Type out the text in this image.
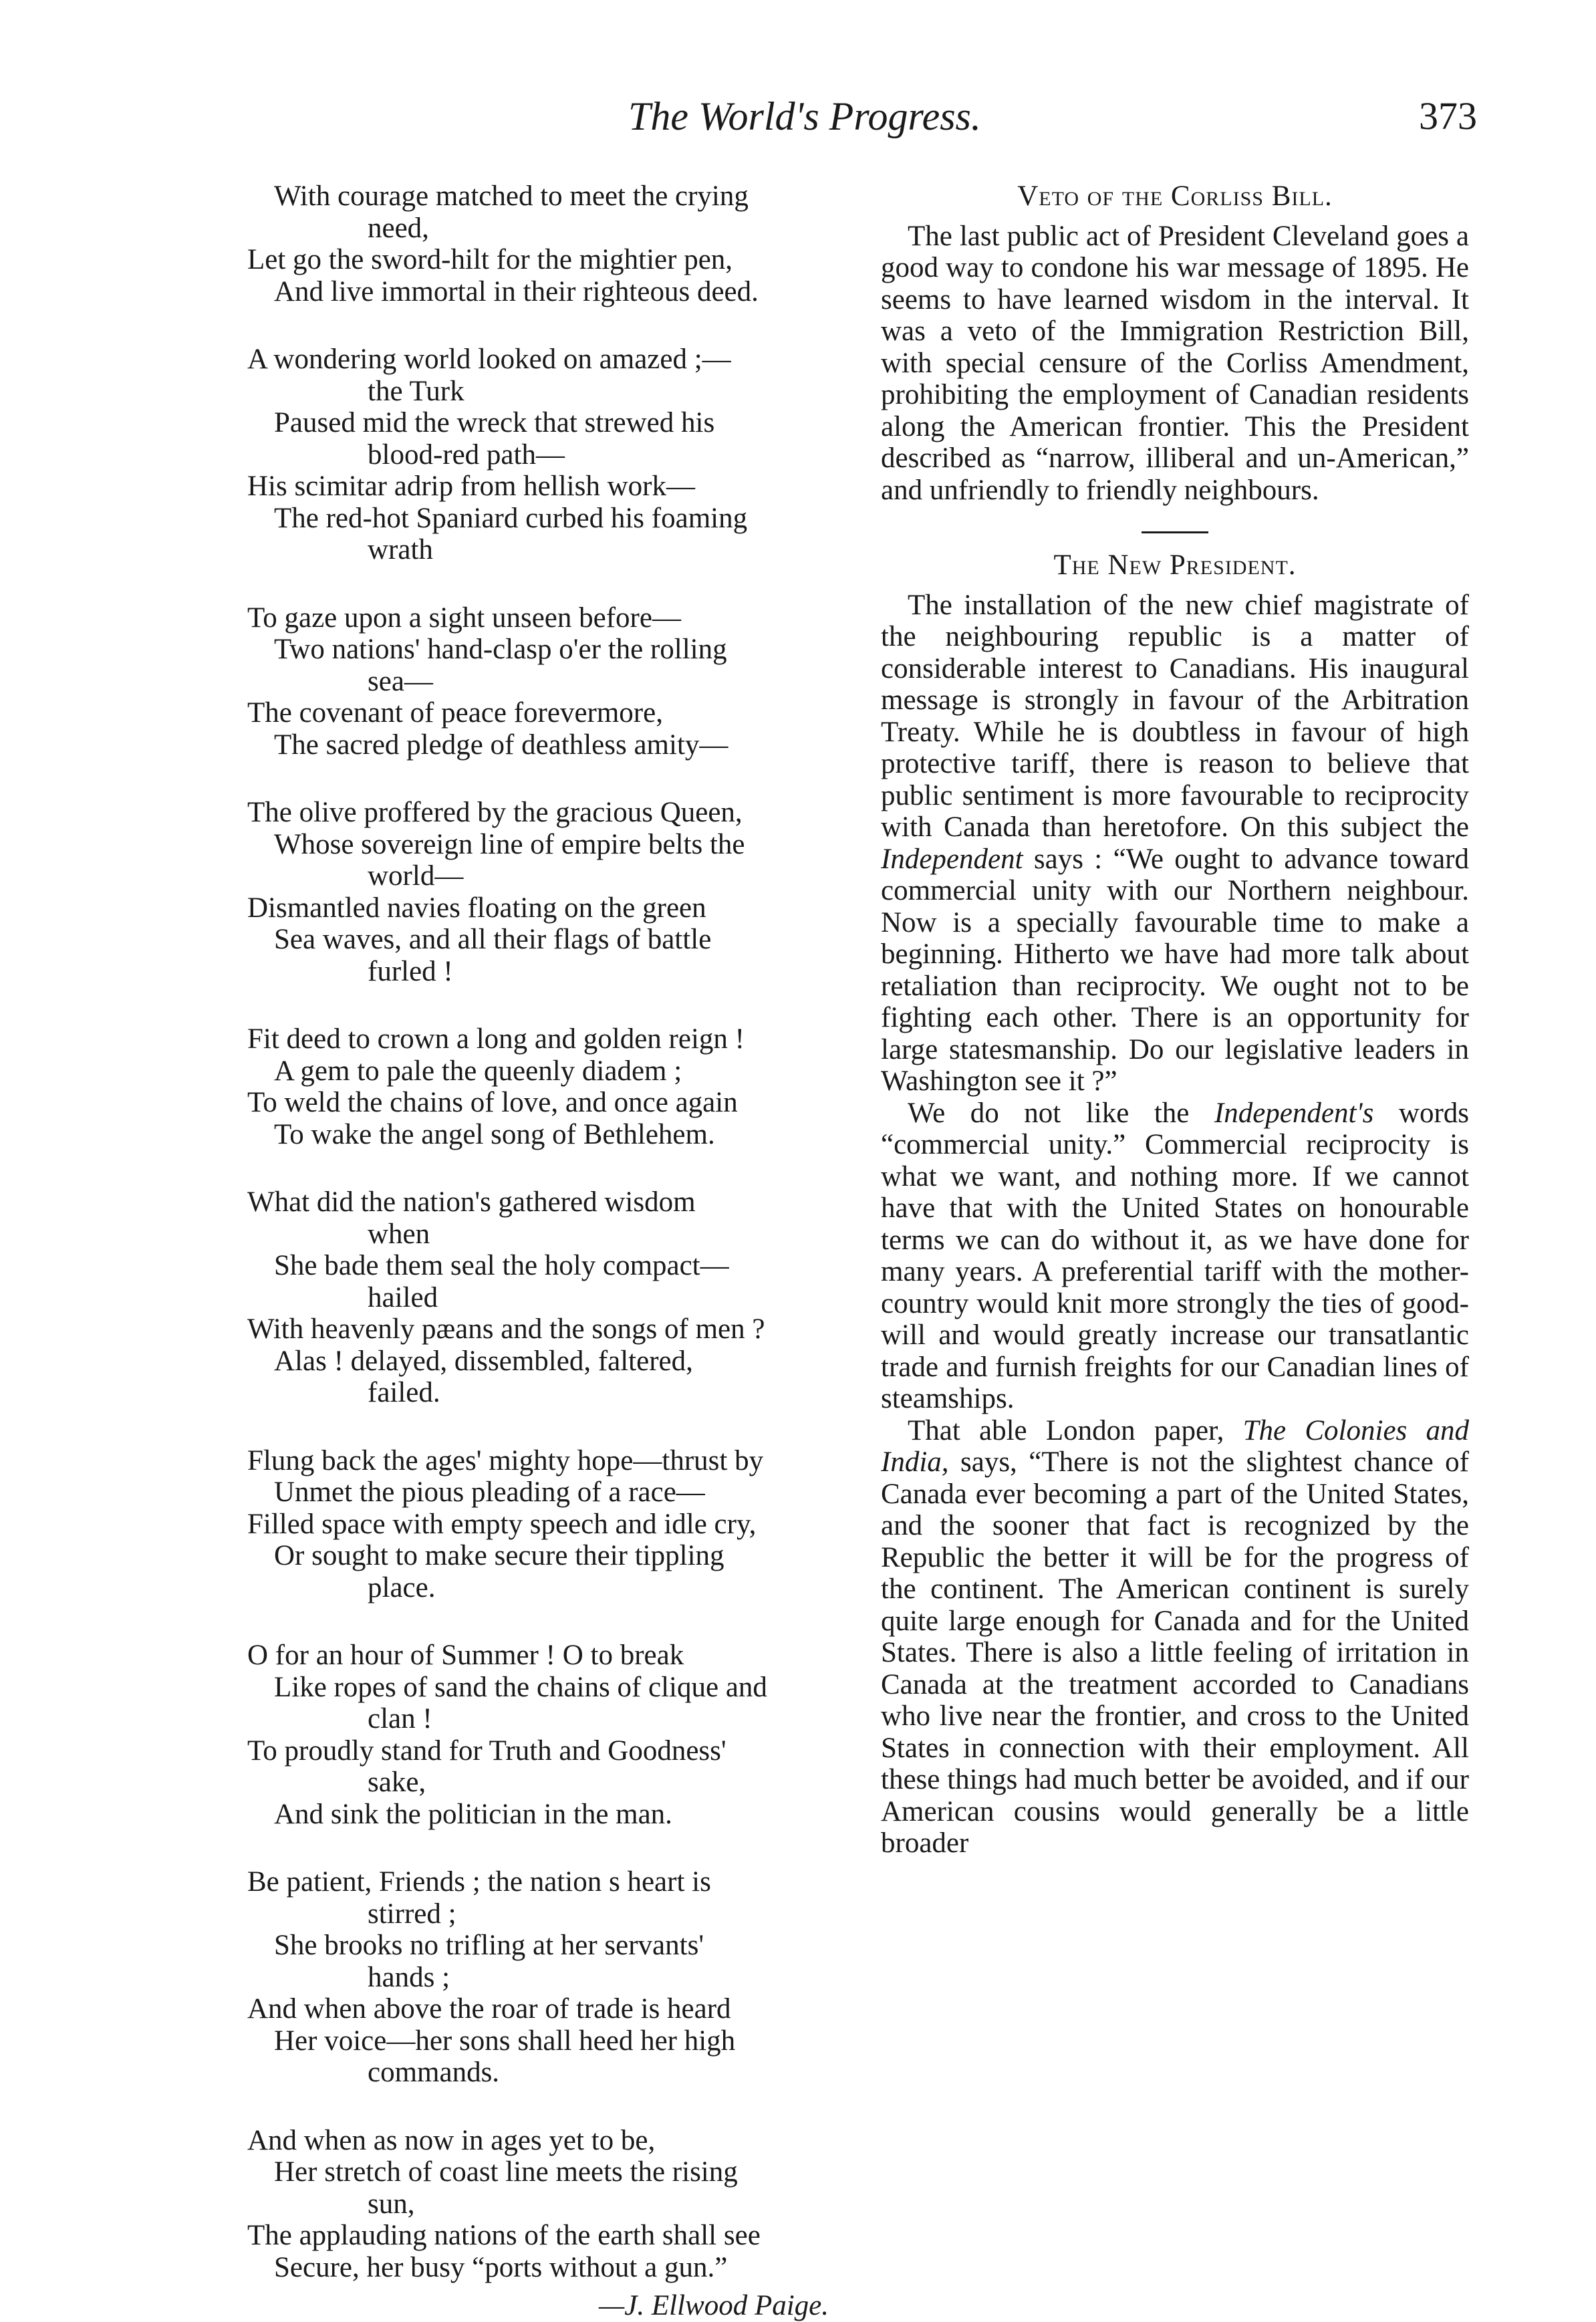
The World's Progress.	373
With courage matched to meet the crying
need,
Let go the sword-hilt for the mightier pen,
And live immortal in their righteous deed.
A wondering world looked on amazed ;—
the Turk
Paused mid the wreck that strewed his
blood-red path—
His scimitar adrip from hellish work—
The red-hot Spaniard curbed his foaming
wrath
To gaze upon a sight unseen before—
Two nations' hand-clasp o'er the rolling
sea—
The covenant of peace forevermore,
The sacred pledge of deathless amity—
The olive proffered by the gracious Queen,
Whose sovereign line of empire belts the
world—
Dismantled navies floating on the green
Sea waves, and all their flags of battle
furled !
Fit deed to crown a long and golden reign !
A gem to pale the queenly diadem ;
To weld the chains of love, and once again
To wake the angel song of Bethlehem.
What did the nation's gathered wisdom
when
She bade them seal the holy compact—
hailed
With heavenly pæans and the songs of men ?
Alas ! delayed, dissembled, faltered,
failed.
Flung back the ages' mighty hope—thrust by
Unmet the pious pleading of a race—
Filled space with empty speech and idle cry,
Or sought to make secure their tippling
place.
O for an hour of Summer ! O to break
Like ropes of sand the chains of clique and
clan !
To proudly stand for Truth and Goodness'
sake,
And sink the politician in the man.
Be patient, Friends ; the nation s heart is
stirred ;
She brooks no trifling at her servants'
hands ;
And when above the roar of trade is heard
Her voice—her sons shall heed her high
commands.
And when as now in ages yet to be,
Her stretch of coast line meets the rising
sun,
The applauding nations of the earth shall see
Secure, her busy “ports without a gun.”
—J. Ellwood Paige.
Veto of the Corliss Bill.

The last public act of President Cleveland goes a good way to condone his war message of 1895. He seems to have learned wisdom in the interval. It was a veto of the Immigration Restriction Bill, with special censure of the Corliss Amendment, prohibiting the employment of Canadian residents along the American frontier. This the President described as “narrow, illiberal and un-American,” and unfriendly to friendly neighbours.

The New President.

The installation of the new chief magistrate of the neighbouring republic is a matter of considerable interest to Canadians. His inaugural message is strongly in favour of the Arbitration Treaty. While he is doubtless in favour of high protective tariff, there is reason to believe that public sentiment is more favourable to reciprocity with Canada than heretofore. On this subject the Independent says : “We ought to advance toward commercial unity with our Northern neighbour. Now is a specially favourable time to make a beginning. Hitherto we have had more talk about retaliation than reciprocity. We ought not to be fighting each other. There is an opportunity for large statesmanship. Do our legislative leaders in Washington see it ?”

We do not like the Independent's words “commercial unity.” Commercial reciprocity is what we want, and nothing more. If we cannot have that with the United States on honourable terms we can do without it, as we have done for many years. A preferential tariff with the mother-country would knit more strongly the ties of good-will and would greatly increase our transatlantic trade and furnish freights for our Canadian lines of steamships.

That able London paper, The Colonies and India, says, “There is not the slightest chance of Canada ever becoming a part of the United States, and the sooner that fact is recognized by the Republic the better it will be for the progress of the continent. The American continent is surely quite large enough for Canada and for the United States. There is also a little feeling of irritation in Canada at the treatment accorded to Canadians who live near the frontier, and cross to the United States in connection with their employment. All these things had much better be avoided, and if our American cousins would generally be a little broader
